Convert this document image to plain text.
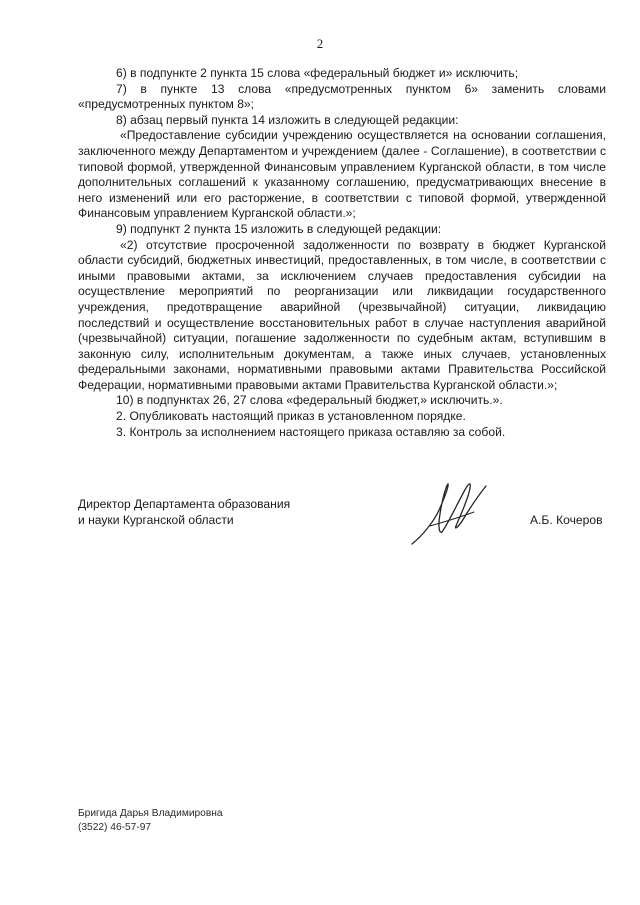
2

6) в подпункте 2 пункта 15 слова «федеральный бюджет и» исключить;

7) в пункте 13 слова «предусмотренных пунктом 6» заменить словами «предусмотренных пунктом 8»;

8) абзац первый пункта 14 изложить в следующей редакции:

«Предоставление субсидии учреждению осуществляется на основании соглашения, заключенного между Департаментом и учреждением (далее - Соглашение), в соответствии с типовой формой, утвержденной Финансовым управлением Курганской области, в том числе дополнительных соглашений к указанному соглашению, предусматривающих внесение в него изменений или его расторжение, в соответствии с типовой формой, утвержденной Финансовым управлением Курганской области.»;

9) подпункт 2 пункта 15 изложить в следующей редакции:

«2) отсутствие просроченной задолженности по возврату в бюджет Курганской области субсидий, бюджетных инвестиций, предоставленных, в том числе, в соответствии с иными правовыми актами, за исключением случаев предоставления субсидии на осуществление мероприятий по реорганизации или ликвидации государственного учреждения, предотвращение аварийной (чрезвычайной) ситуации, ликвидацию последствий и осуществление восстановительных работ в случае наступления аварийной (чрезвычайной) ситуации, погашение задолженности по судебным актам, вступившим в законную силу, исполнительным документам, а также иных случаев, установленных федеральными законами, нормативными правовыми актами Правительства Российской Федерации, нормативными правовыми актами Правительства Курганской области.»;

10) в подпунктах 26, 27 слова «федеральный бюджет,» исключить.».

2. Опубликовать настоящий приказ в установленном порядке.

3. Контроль за исполнением настоящего приказа оставляю за собой.

Директор Департамента образования
и науки Курганской области	А.Б. Кочеров
Бригида Дарья Владимировна
(3522) 46-57-97
